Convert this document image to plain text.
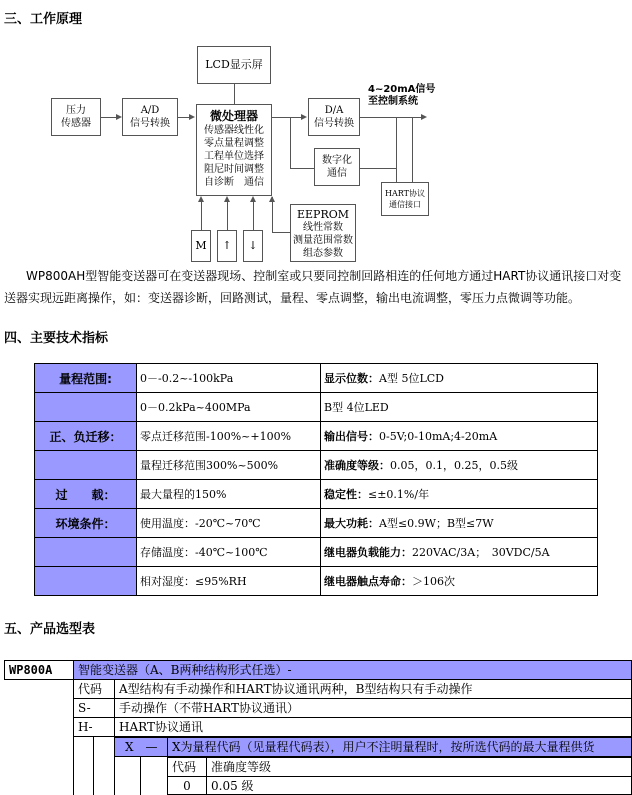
三、工作原理
LCD显示屏
压力
传感器
A/D
信号转换
微处理器
传感器线性化
零点量程调整
工程单位选择
阻尼时间调整
自诊断　通信
D/A
信号转换
4~20mA信号
至控制系统
数字化
通信
HART协议
通信接口
EEPROM
线性常数
测量范围常数
组态参数
M	↑	↓
WP800AH型智能变送器可在变送器现场、控制室或只要同控制回路相连的任何地方通过HART协议通讯接口对变送器实现远距离操作，如：变送器诊断，回路测试，量程、零点调整，输出电流调整，零压力点微调等功能。
四、主要技术指标
量程范围:	0－-0.2~-100kPa	显示位数：A型 5位LCD
	0－0.2kPa~400MPa	B型 4位LED
正、负迁移：	零点迁移范围-100%~+100%	输出信号：0-5V;0-10mA;4-20mA
	量程迁移范围300%~500%	准确度等级：0.05，0.1，0.25，0.5级
过　　载：	最大量程的150%	稳定性：≤±0.1%/年
环境条件：	使用温度：-20℃~70℃	最大功耗：A型≤0.9W；B型≤7W
	存储温度：-40℃~100℃	继电器负载能力：220VAC/3A；　30VDC/5A
	相对湿度：≤95%RH	继电器触点寿命：＞106次
五、产品选型表
WP800A	智能变送器（A、B两种结构形式任选）-
代码	A型结构有手动操作和HART协议通讯两种，B型结构只有手动操作
S-	手动操作（不带HART协议通讯）
H-	HART协议通讯
X　—	X为量程代码（见量程代码表），用户不注明量程时，按所选代码的最大量程供货
代码	准确度等级
0	0.05 级
